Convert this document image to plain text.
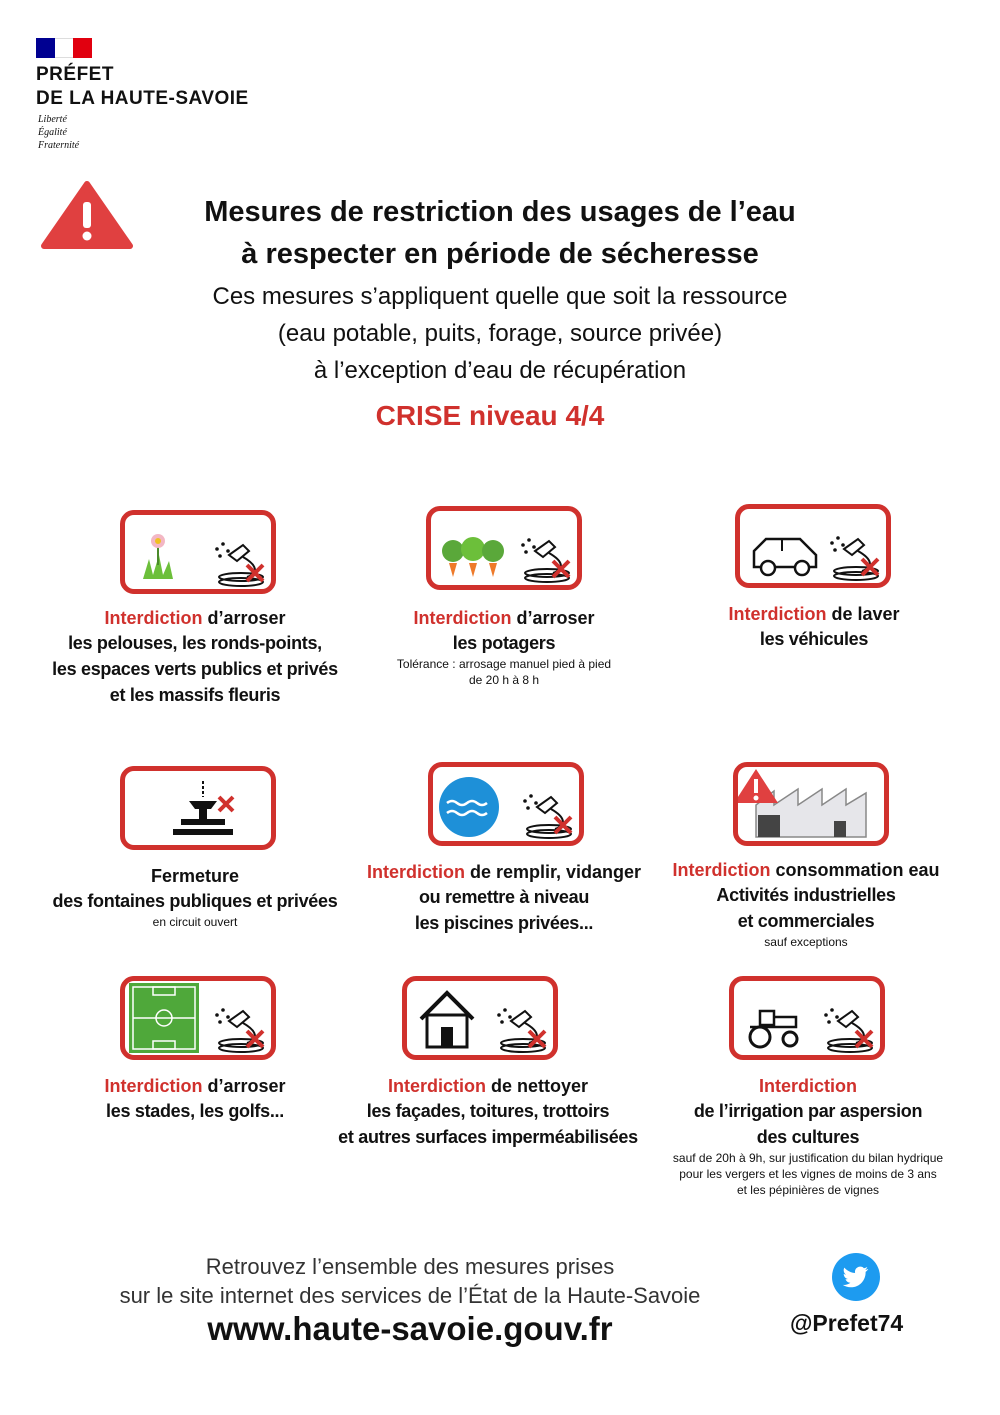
PRÉFET
DE LA HAUTE-SAVOIE
Liberté
Égalité
Fraternité
Mesures de restriction des usages de l’eau
à respecter en période de sécheresse
Ces mesures s’appliquent quelle que soit la ressource
(eau potable, puits, forage, source privée)
à l’exception d’eau de récupération
CRISE niveau 4/4
Interdiction d’arroser
les pelouses, les ronds-points,
les espaces verts publics et privés
et les massifs fleuris
Interdiction d’arroser
les potagers
Tolérance : arrosage manuel pied à pied
de 20 h à 8 h
Interdiction de laver
les véhicules
Fermeture
des fontaines publiques et privées
en circuit ouvert
Interdiction de remplir, vidanger
ou remettre à niveau
les piscines privées...
Interdiction consommation eau
Activités industrielles
et commerciales
sauf exceptions
Interdiction d’arroser
les stades, les golfs...
Interdiction de nettoyer
les façades, toitures, trottoirs
et autres surfaces imperméabilisées
Interdiction
de l’irrigation par aspersion
des cultures
sauf de 20h à 9h, sur justification du bilan hydrique
pour les vergers et les vignes de moins de 3 ans
et les pépinières de vignes
Retrouvez l’ensemble des mesures prises
sur le site internet des services de l’État de la Haute-Savoie
www.haute-savoie.gouv.fr	@Prefet74
